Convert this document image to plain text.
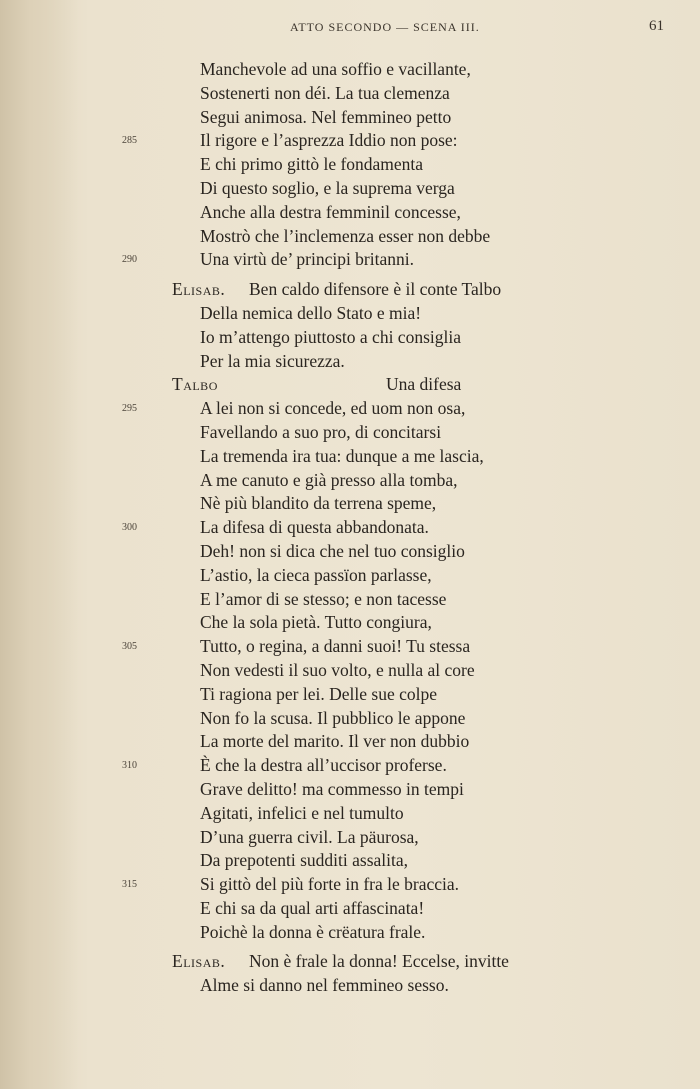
ATTO SECONDO — SCENA III.	61
Manchevole ad una soffio e vacillante,
Sostenerti non déi. La tua clemenza
Segui animosa. Nel femmineo petto
285	Il rigore e l’asprezza Iddio non pose:
E chi primo gittò le fondamenta
Di questo soglio, e la suprema verga
Anche alla destra femminil concesse,
Mostrò che l’inclemenza esser non debbe
290	Una virtù de’ principi britanni.
Elisab. Ben caldo difensore è il conte Talbo
Della nemica dello Stato e mia!
Io m’attengo piuttosto a chi consiglia
Per la mia sicurezza.
Talbo	Una difesa
295	A lei non si concede, ed uom non osa,
Favellando a suo pro, di concitarsi
La tremenda ira tua: dunque a me lascia,
A me canuto e già presso alla tomba,
Nè più blandito da terrena speme,
300	La difesa di questa abbandonata.
Deh! non si dica che nel tuo consiglio
L’astio, la cieca passïon parlasse,
E l’amor di se stesso; e non tacesse
Che la sola pietà. Tutto congiura,
305	Tutto, o regina, a danni suoi! Tu stessa
Non vedesti il suo volto, e nulla al core
Ti ragiona per lei. Delle sue colpe
Non fo la scusa. Il pubblico le appone
La morte del marito. Il ver non dubbio
310	È che la destra all’uccisor proferse.
Grave delitto! ma commesso in tempi
Agitati, infelici e nel tumulto
D’una guerra civil. La päurosa,
Da prepotenti sudditi assalita,
315	Si gittò del più forte in fra le braccia.
E chi sa da qual arti affascinata!
Poichè la donna è crëatura frale.
Elisab. Non è frale la donna! Eccelse, invitte
Alme si danno nel femmineo sesso.
